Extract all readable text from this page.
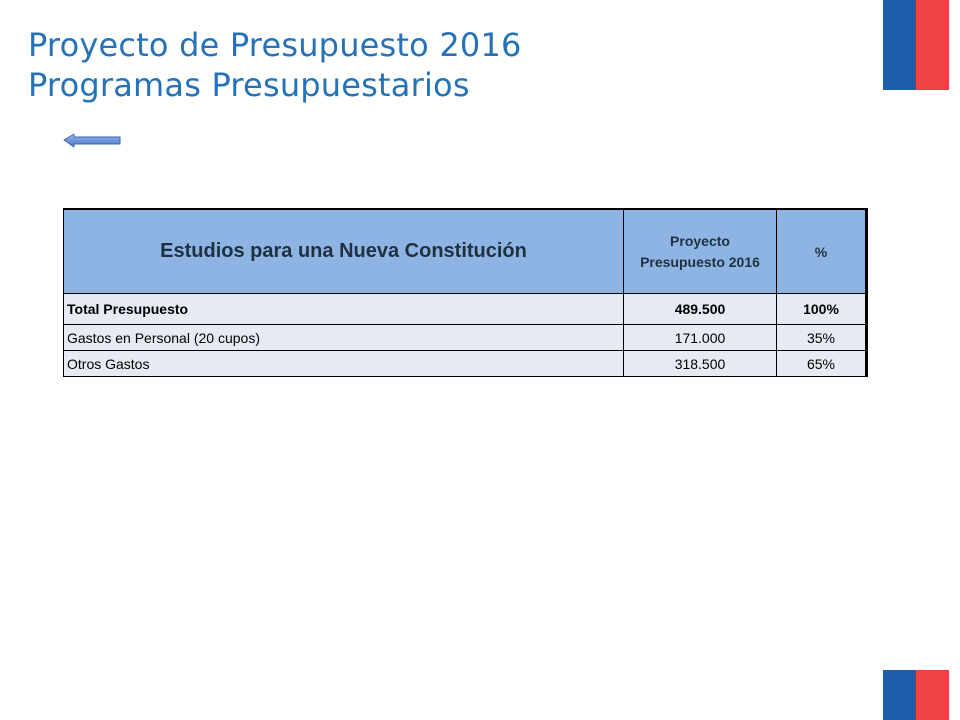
Proyecto de Presupuesto 2016
Programas Presupuestarios
Estudios para una Nueva Constitución	Proyecto Presupuesto 2016	%
Total Presupuesto	489.500	100%
Gastos en Personal (20 cupos)	171.000	35%
Otros Gastos	318.500	65%
